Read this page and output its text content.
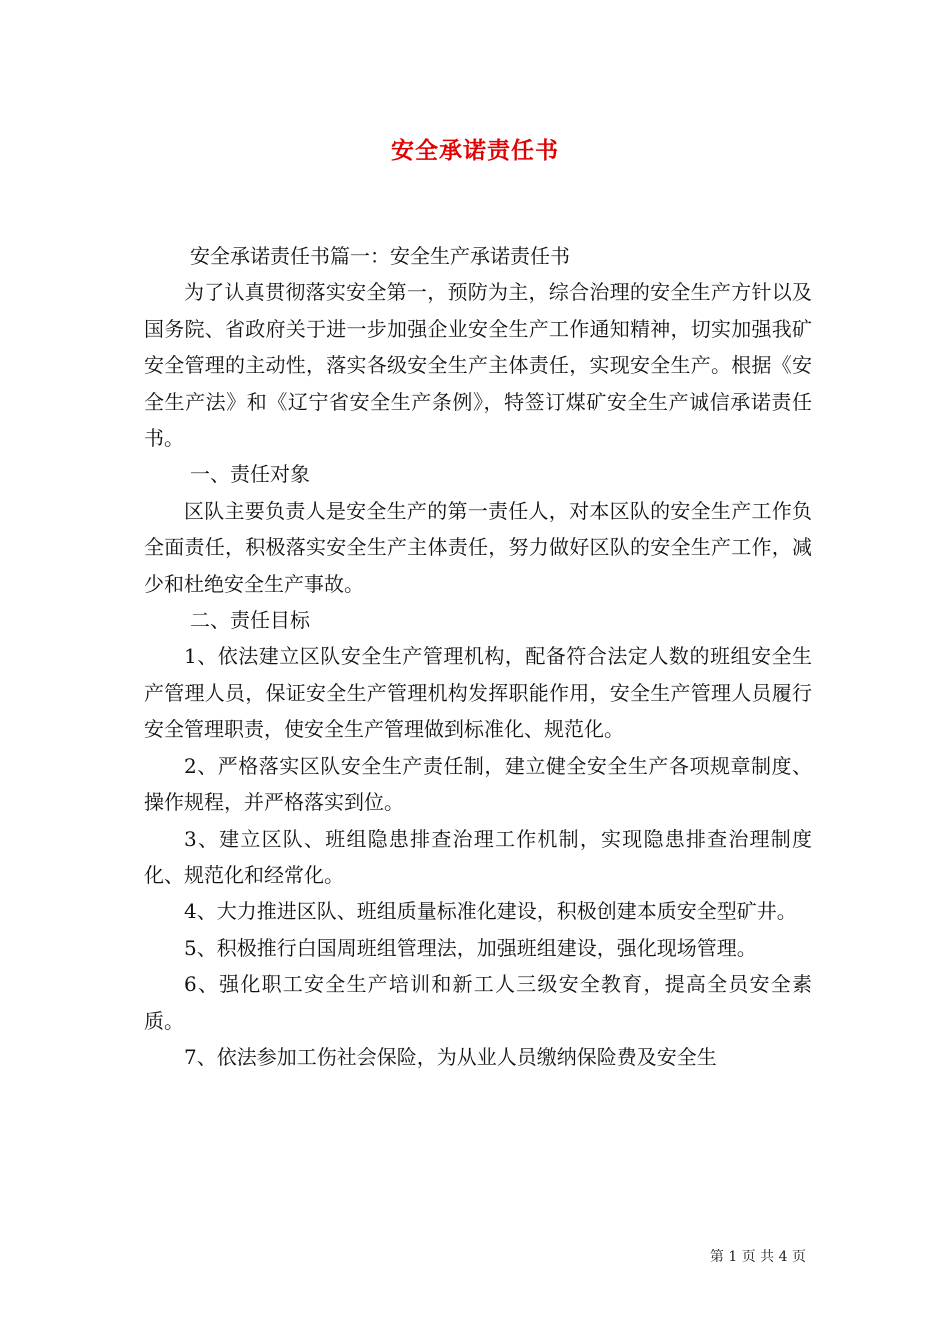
安全承诺责任书

安全承诺责任书篇一：安全生产承诺责任书

为了认真贯彻落实安全第一，预防为主，综合治理的安全生产方针以及国务院、省政府关于进一步加强企业安全生产工作通知精神，切实加强我矿安全管理的主动性，落实各级安全生产主体责任，实现安全生产。根据《安全生产法》和《辽宁省安全生产条例》，特签订煤矿安全生产诚信承诺责任书。

一、责任对象

区队主要负责人是安全生产的第一责任人，对本区队的安全生产工作负全面责任，积极落实安全生产主体责任，努力做好区队的安全生产工作，减少和杜绝安全生产事故。

二、责任目标

1、依法建立区队安全生产管理机构，配备符合法定人数的班组安全生产管理人员，保证安全生产管理机构发挥职能作用，安全生产管理人员履行安全管理职责，使安全生产管理做到标准化、规范化。

2、严格落实区队安全生产责任制，建立健全安全生产各项规章制度、操作规程，并严格落实到位。

3、建立区队、班组隐患排查治理工作机制，实现隐患排查治理制度化、规范化和经常化。

4、大力推进区队、班组质量标准化建设，积极创建本质安全型矿井。

5、积极推行白国周班组管理法，加强班组建设，强化现场管理。

6、强化职工安全生产培训和新工人三级安全教育，提高全员安全素质。

7、依法参加工伤社会保险，为从业人员缴纳保险费及安全生

第 1 页 共 4 页
